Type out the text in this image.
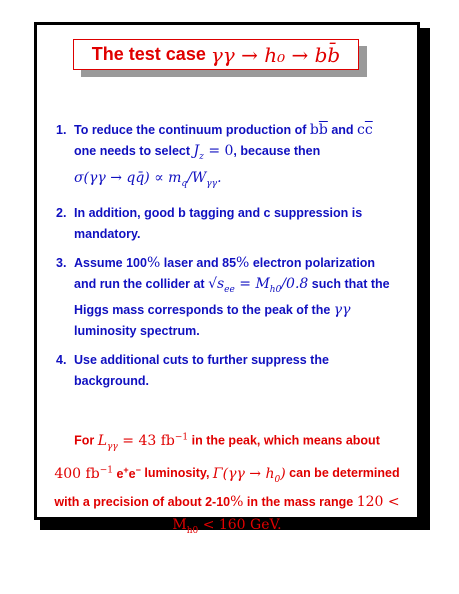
The test case γγ → h₀ → bb̄
1. To reduce the continuum production of $b\overline{b}$ and $c\overline{c}$ one needs to select $J_z = 0$, because then
σ(γγ → qq̄) ∝ $m_q/W_{\gamma\gamma}$.
2. In addition, good b tagging and c suppression is mandatory.
3. Assume 100% laser and 85% electron polarization and run the collider at $√s_{ee} = M_{h0}/0.8$ such that the Higgs mass corresponds to the peak of the γγ luminosity spectrum.
4. Use additional cuts to further suppress the background.
For $L_{\gamma\gamma} = 43$ $fb^{-1}$ in the peak, which means about
400 $fb^{-1}$ e+e− luminosity, $\Gamma(\gamma\gamma \to h_0)$ can be determined with a precision of about 2-10% in the mass range $120 < M_{h0} < 160$ GeV.
